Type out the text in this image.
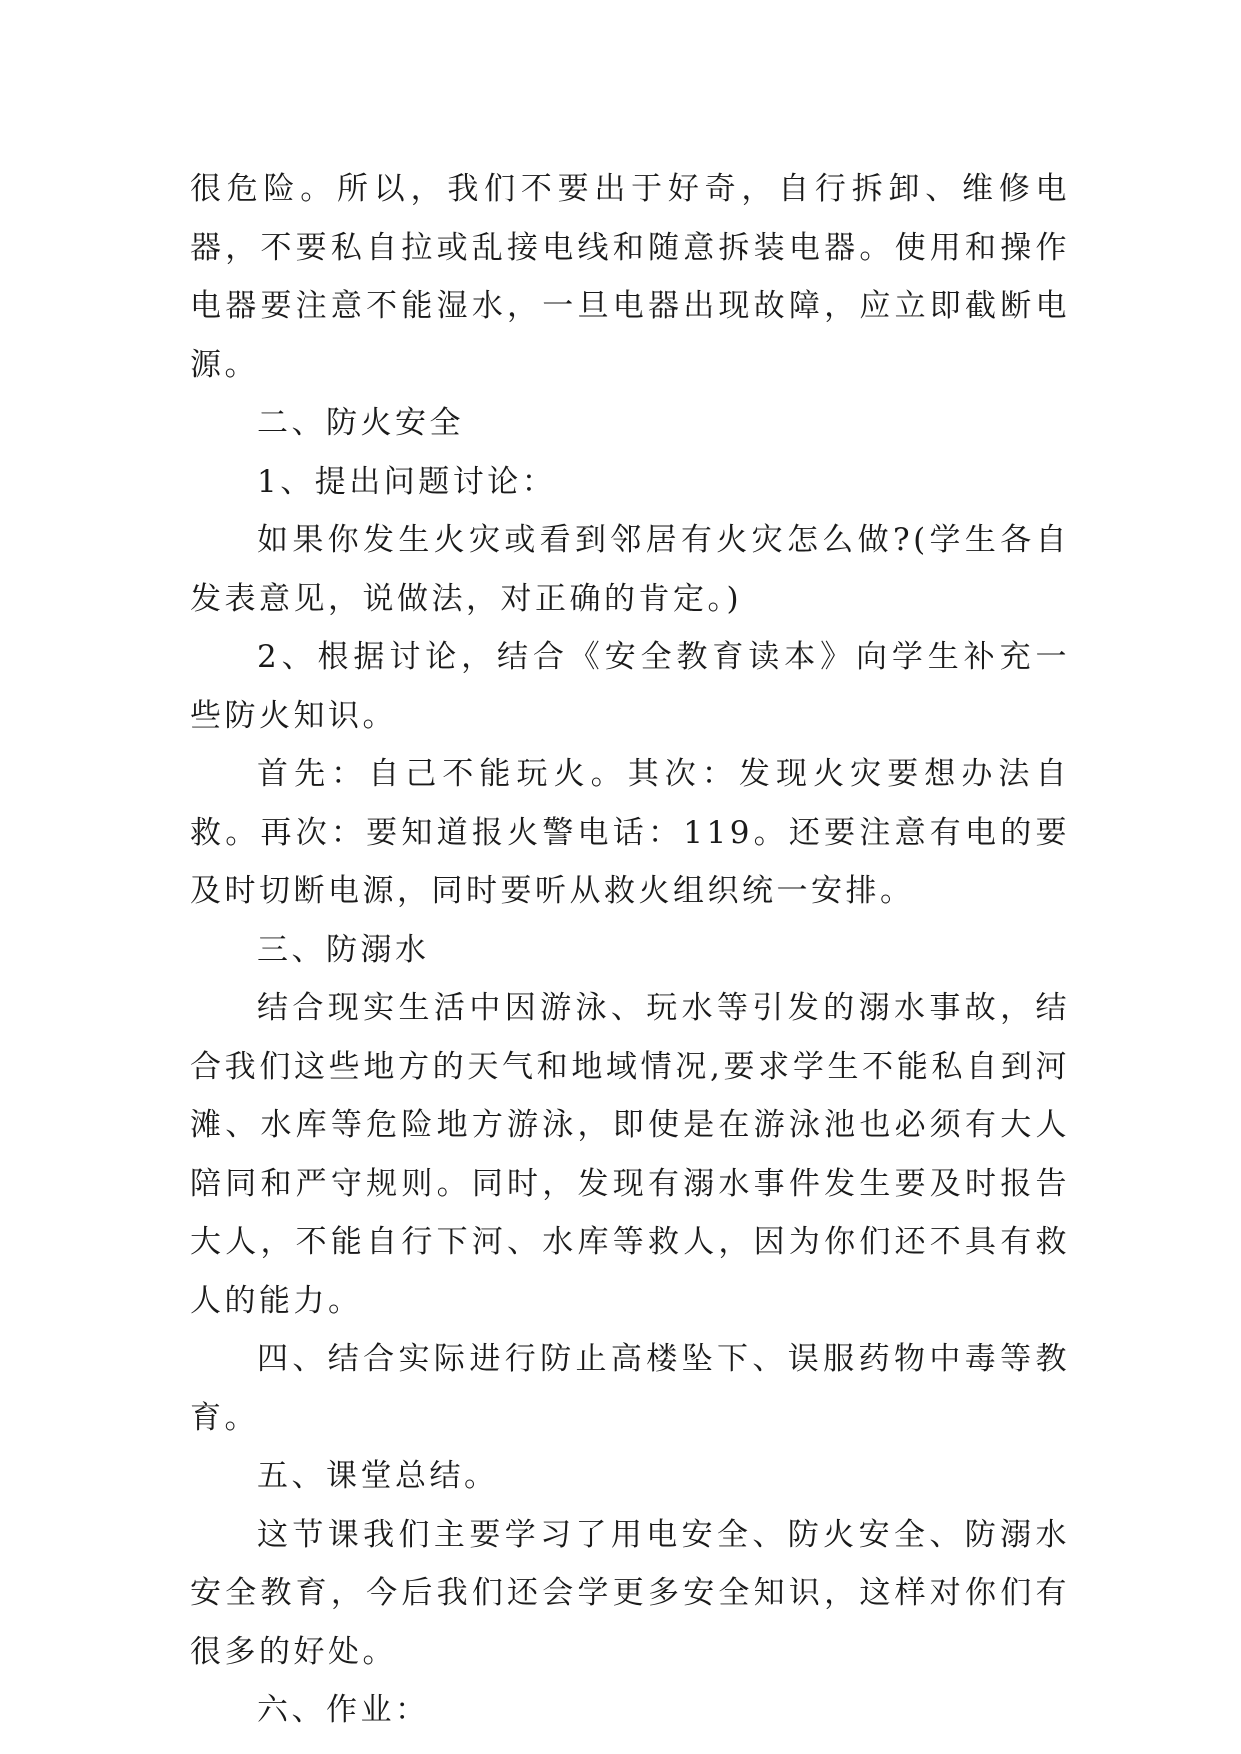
很危险。所以，我们不要出于好奇，自行拆卸、维修电器，不要私自拉或乱接电线和随意拆装电器。使用和操作电器要注意不能湿水，一旦电器出现故障，应立即截断电源。

二、防火安全

1、提出问题讨论：

如果你发生火灾或看到邻居有火灾怎么做?(学生各自发表意见，说做法，对正确的肯定。)

2、根据讨论，结合《安全教育读本》向学生补充一些防火知识。

首先：自己不能玩火。其次：发现火灾要想办法自救。再次：要知道报火警电话：119。还要注意有电的要及时切断电源，同时要听从救火组织统一安排。

三、防溺水

结合现实生活中因游泳、玩水等引发的溺水事故，结合我们这些地方的天气和地域情况,要求学生不能私自到河滩、水库等危险地方游泳，即使是在游泳池也必须有大人陪同和严守规则。同时，发现有溺水事件发生要及时报告大人，不能自行下河、水库等救人，因为你们还不具有救人的能力。

四、结合实际进行防止高楼坠下、误服药物中毒等教育。

五、课堂总结。

这节课我们主要学习了用电安全、防火安全、防溺水安全教育，今后我们还会学更多安全知识，这样对你们有很多的好处。

六、作业：
